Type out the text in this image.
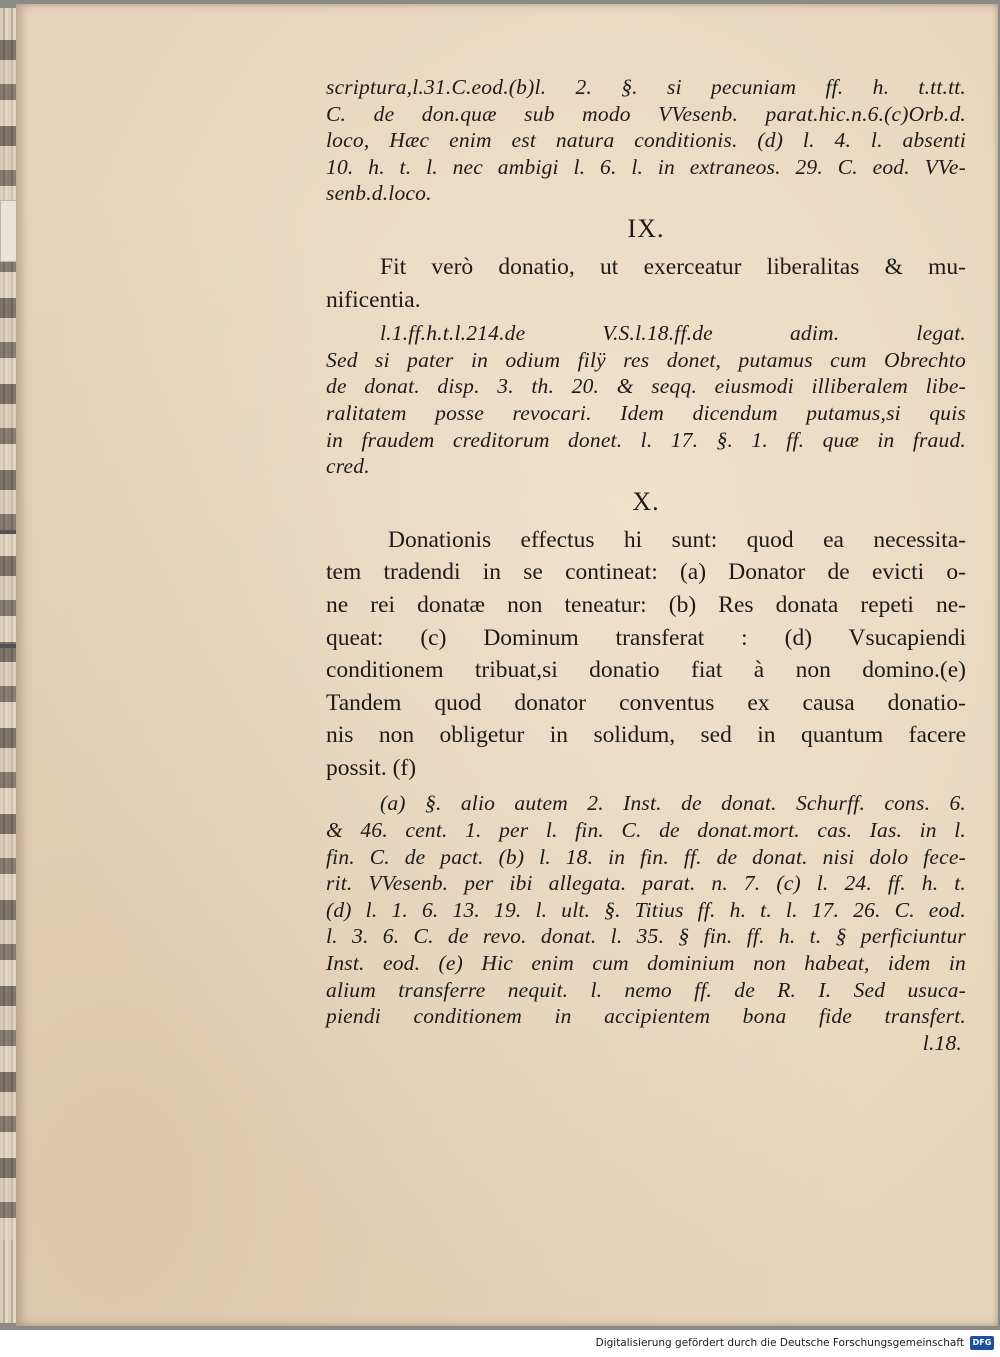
scriptura,l.31.C.eod.(b)l. 2. §. si pecuniam ff. h. t.tt.tt.
C. de don.quæ sub modo VVesenb. parat.hic.n.6.(c)Orb.d.
loco, Hæc enim est natura conditionis. (d) l. 4. l. absenti
10. h. t. l. nec ambigi l. 6. l. in extraneos. 29. C. eod. VVe-
senb.d.loco.

IX.

Fit verò donatio, ut exerceatur liberalitas & mu-
nificentia.

l.1.ff.h.t.l.214.de V.S.l.18.ff.de adim. legat.
Sed si pater in odium filÿ res donet, putamus cum Obrechto
de donat. disp. 3. th. 20. & seqq. eiusmodi illiberalem libe-
ralitatem posse revocari. Idem dicendum putamus,si quis
in fraudem creditorum donet. l. 17. §. 1. ff. quæ in fraud.
cred.

X.

Donationis effectus hi sunt: quod ea necessita-
tem tradendi in se contineat: (a) Donator de evicti o-
ne rei donatæ non teneatur: (b) Res donata repeti ne-
queat: (c) Dominum transferat : (d) Vsucapiendi
conditionem tribuat,si donatio fiat à non domino.(e)
Tandem quod donator conventus ex causa donatio-
nis non obligetur in solidum, sed in quantum facere
possit. (f)

(a) §. alio autem 2. Inst. de donat. Schurff. cons. 6.
& 46. cent. 1. per l. fin. C. de donat.mort. cas. Ias. in l.
fin. C. de pact. (b) l. 18. in fin. ff. de donat. nisi dolo fece-
rit. VVesenb. per ibi allegata. parat. n. 7. (c) l. 24. ff. h. t.
(d) l. 1. 6. 13. 19. l. ult. §. Titius ff. h. t. l. 17. 26. C. eod.
l. 3. 6. C. de revo. donat. l. 35. § fin. ff. h. t. § perficiuntur
Inst. eod. (e) Hic enim cum dominium non habeat, idem in
alium transferre nequit. l. nemo ff. de R. I. Sed usuca-
piendi conditionem in accipientem bona fide transfert.
l.18.

Digitalisierung gefördert durch die Deutsche Forschungsgemeinschaft	DFG
